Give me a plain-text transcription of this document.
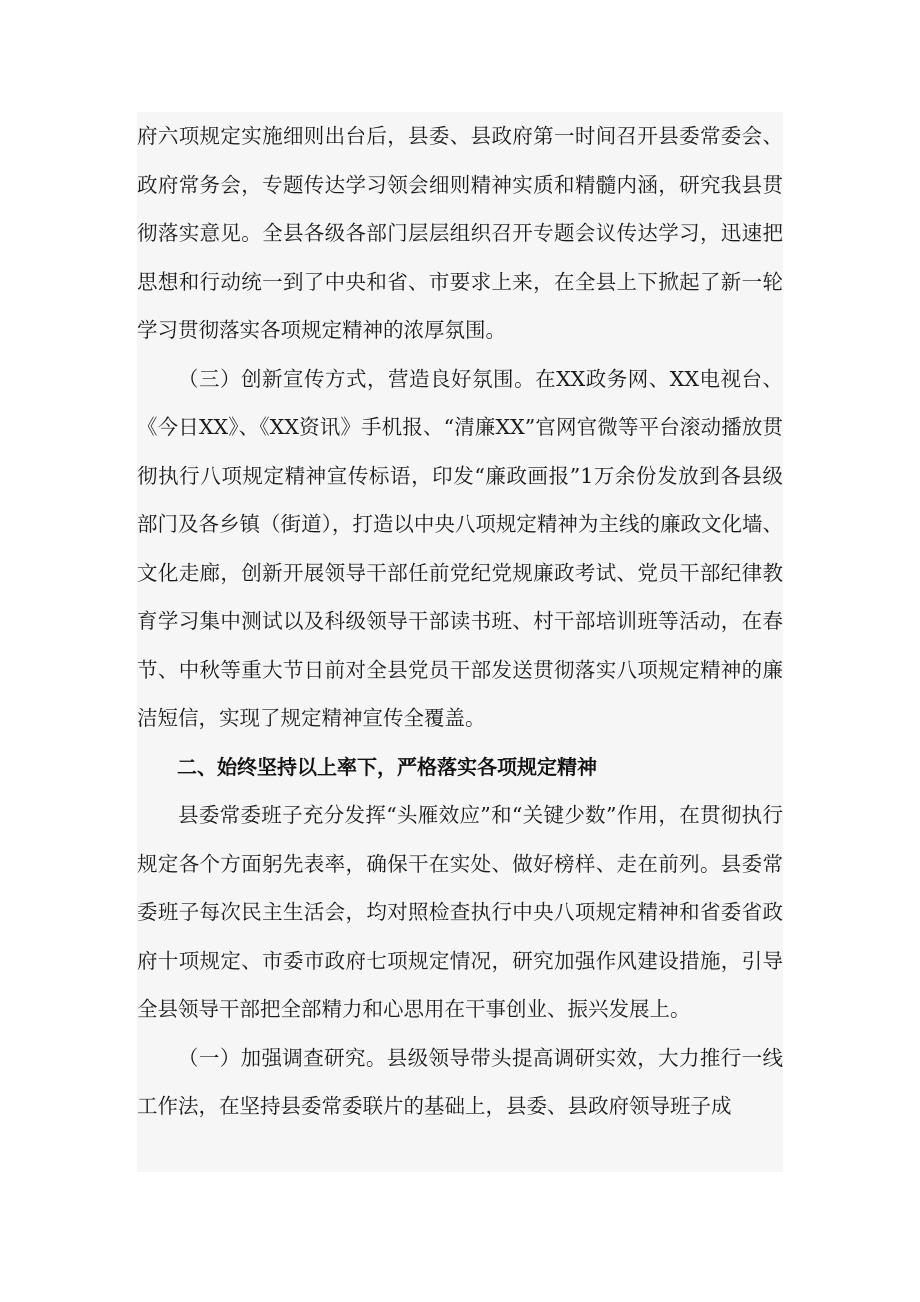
府六项规定实施细则出台后，县委、县政府第一时间召开县委常委会、政府常务会，专题传达学习领会细则精神实质和精髓内涵，研究我县贯彻落实意见。全县各级各部门层层组织召开专题会议传达学习，迅速把思想和行动统一到了中央和省、市要求上来，在全县上下掀起了新一轮学习贯彻落实各项规定精神的浓厚氛围。

（三）创新宣传方式，营造良好氛围。在XX政务网、XX电视台、《今日XX》、《XX资讯》手机报、“清廉XX”官网官微等平台滚动播放贯彻执行八项规定精神宣传标语，印发“廉政画报”1万余份发放到各县级部门及各乡镇（街道），打造以中央八项规定精神为主线的廉政文化墙、文化走廊，创新开展领导干部任前党纪党规廉政考试、党员干部纪律教育学习集中测试以及科级领导干部读书班、村干部培训班等活动，在春节、中秋等重大节日前对全县党员干部发送贯彻落实八项规定精神的廉洁短信，实现了规定精神宣传全覆盖。

二、始终坚持以上率下，严格落实各项规定精神

县委常委班子充分发挥“头雁效应”和“关键少数”作用，在贯彻执行规定各个方面躬先表率，确保干在实处、做好榜样、走在前列。县委常委班子每次民主生活会，均对照检查执行中央八项规定精神和省委省政府十项规定、市委市政府七项规定情况，研究加强作风建设措施，引导全县领导干部把全部精力和心思用在干事创业、振兴发展上。

（一）加强调查研究。县级领导带头提高调研实效，大力推行一线工作法，在坚持县委常委联片的基础上，县委、县政府领导班子成
